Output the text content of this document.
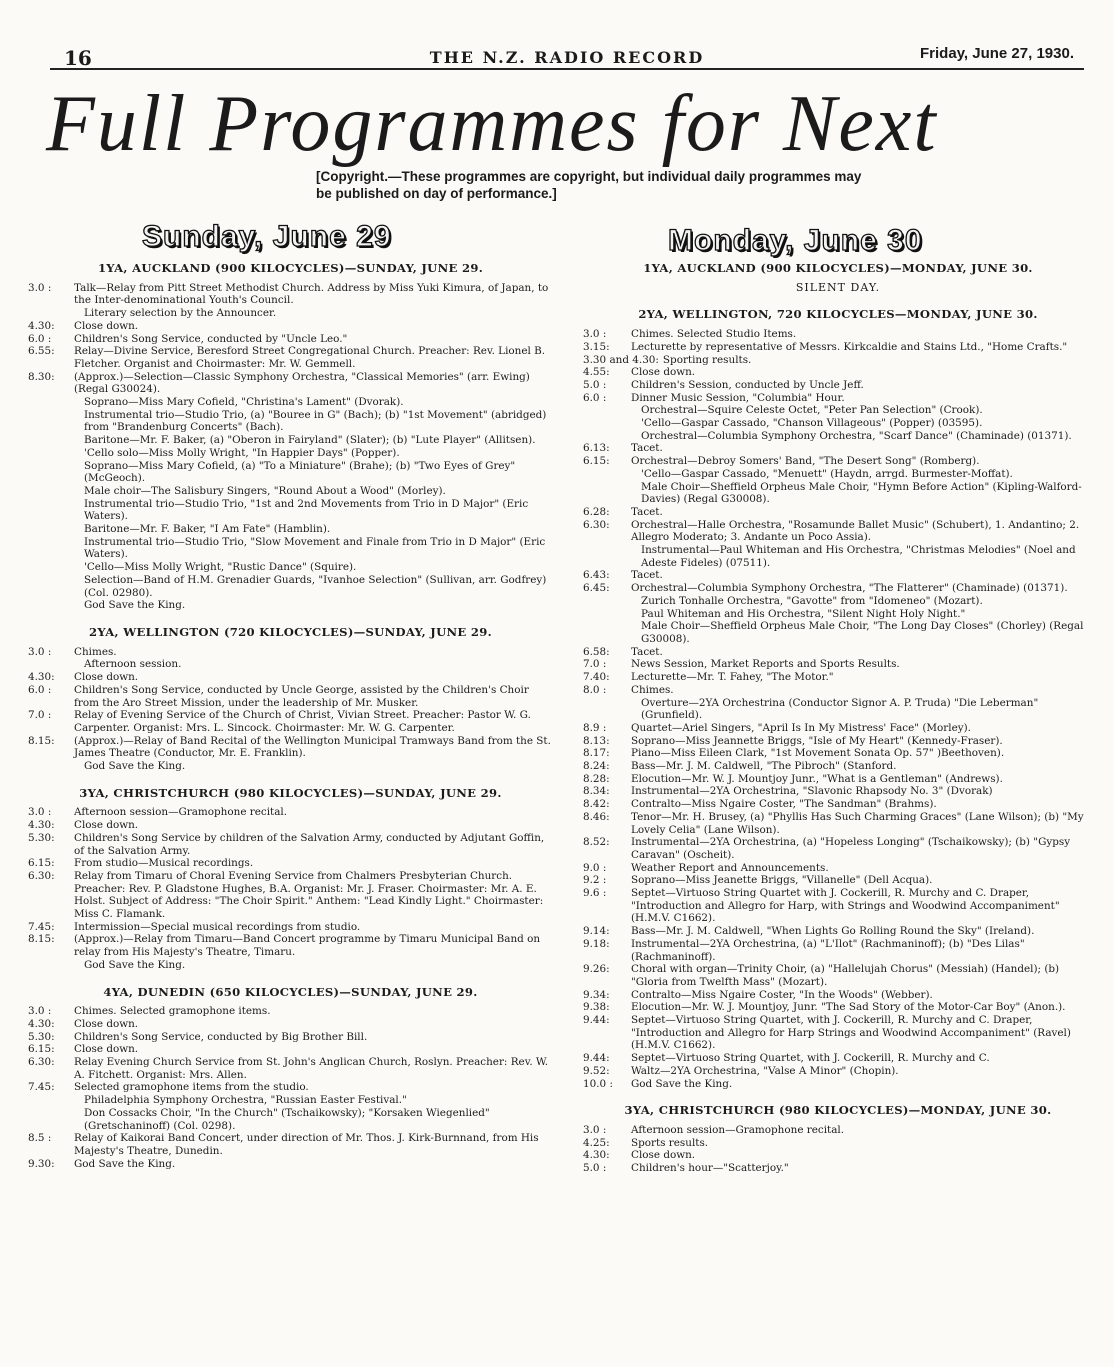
16	THE N.Z. RADIO RECORD	Friday, June 27, 1930.
Full Programmes for Next
[Copyright.—These programmes are copyright, but individual daily programmes may be published on day of performance.]
Sunday, June 29	Monday, June 30
1YA, AUCKLAND (900 KILOCYCLES)—SUNDAY, JUNE 29.
3.0 :	Talk—Relay from Pitt Street Methodist Church. Address by Miss Yuki Kimura, of Japan, to the Inter-denominational Youth's Council.
Literary selection by the Announcer.
4.30:	Close down.
6.0 :	Children's Song Service, conducted by "Uncle Leo."
6.55:	Relay—Divine Service, Beresford Street Congregational Church. Preacher: Rev. Lionel B. Fletcher. Organist and Choirmaster: Mr. W. Gemmell.
8.30:	(Approx.)—Selection—Classic Symphony Orchestra, "Classical Memories" (arr. Ewing) (Regal G30024).
Soprano—Miss Mary Cofield, "Christina's Lament" (Dvorak).
Instrumental trio—Studio Trio, (a) "Bouree in G" (Bach); (b) "1st Movement" (abridged) from "Brandenburg Concerts" (Bach).
Baritone—Mr. F. Baker, (a) "Oberon in Fairyland" (Slater); (b) "Lute Player" (Allitsen).
'Cello solo—Miss Molly Wright, "In Happier Days" (Popper).
Soprano—Miss Mary Cofield, (a) "To a Miniature" (Brahe); (b) "Two Eyes of Grey" (McGeoch).
Male choir—The Salisbury Singers, "Round About a Wood" (Morley).
Instrumental trio—Studio Trio, "1st and 2nd Movements from Trio in D Major" (Eric Waters).
Baritone—Mr. F. Baker, "I Am Fate" (Hamblin).
Instrumental trio—Studio Trio, "Slow Movement and Finale from Trio in D Major" (Eric Waters).
'Cello—Miss Molly Wright, "Rustic Dance" (Squire).
Selection—Band of H.M. Grenadier Guards, "Ivanhoe Selection" (Sullivan, arr. Godfrey) (Col. 02980).
God Save the King.
2YA, WELLINGTON (720 KILOCYCLES)—SUNDAY, JUNE 29.
3.0 :	Chimes.
Afternoon session.
4.30:	Close down.
6.0 :	Children's Song Service, conducted by Uncle George, assisted by the Children's Choir from the Aro Street Mission, under the leadership of Mr. Musker.
7.0 :	Relay of Evening Service of the Church of Christ, Vivian Street. Preacher: Pastor W. G. Carpenter. Organist: Mrs. L. Sincock. Choirmaster: Mr. W. G. Carpenter.
8.15:	(Approx.)—Relay of Band Recital of the Wellington Municipal Tramways Band from the St. James Theatre (Conductor, Mr. E. Franklin).
God Save the King.
3YA, CHRISTCHURCH (980 KILOCYCLES)—SUNDAY, JUNE 29.
3.0 :	Afternoon session—Gramophone recital.
4.30:	Close down.
5.30:	Children's Song Service by children of the Salvation Army, conducted by Adjutant Goffin, of the Salvation Army.
6.15:	From studio—Musical recordings.
6.30:	Relay from Timaru of Choral Evening Service from Chalmers Presbyterian Church. Preacher: Rev. P. Gladstone Hughes, B.A. Organist: Mr. J. Fraser. Choirmaster: Mr. A. E. Holst. Subject of Address: "The Choir Spirit." Anthem: "Lead Kindly Light." Choirmaster: Miss C. Flamank.
7.45:	Intermission—Special musical recordings from studio.
8.15:	(Approx.)—Relay from Timaru—Band Concert programme by Timaru Municipal Band on relay from His Majesty's Theatre, Timaru.
God Save the King.
4YA, DUNEDIN (650 KILOCYCLES)—SUNDAY, JUNE 29.
3.0 :	Chimes. Selected gramophone items.
4.30:	Close down.
5.30:	Children's Song Service, conducted by Big Brother Bill.
6.15:	Close down.
6.30:	Relay Evening Church Service from St. John's Anglican Church, Roslyn. Preacher: Rev. W. A. Fitchett. Organist: Mrs. Allen.
7.45:	Selected gramophone items from the studio.
Philadelphia Symphony Orchestra, "Russian Easter Festival."
Don Cossacks Choir, "In the Church" (Tschaikowsky); "Korsaken Wiegenlied" (Gretschaninoff) (Col. 0298).
8.5 :	Relay of Kaikorai Band Concert, under direction of Mr. Thos. J. Kirk-Burnnand, from His Majesty's Theatre, Dunedin.
9.30:	God Save the King.
1YA, AUCKLAND (900 KILOCYCLES)—MONDAY, JUNE 30.
SILENT DAY.
2YA, WELLINGTON, 720 KILOCYCLES—MONDAY, JUNE 30.
3.0 :	Chimes. Selected Studio Items.
3.15:	Lecturette by representative of Messrs. Kirkcaldie and Stains Ltd., "Home Crafts."
3.30 and 4.30: Sporting results.
4.55:	Close down.
5.0 :	Children's Session, conducted by Uncle Jeff.
6.0 :	Dinner Music Session, "Columbia" Hour.
Orchestral—Squire Celeste Octet, "Peter Pan Selection" (Crook).
'Cello—Gaspar Cassado, "Chanson Villageous" (Popper) (03595).
Orchestral—Columbia Symphony Orchestra, "Scarf Dance" (Chaminade) (01371).
6.13:	Tacet.
6.15:	Orchestral—Debroy Somers' Band, "The Desert Song" (Romberg).
'Cello—Gaspar Cassado, "Menuett" (Haydn, arrgd. Burmester-Moffat).
Male Choir—Sheffield Orpheus Male Choir, "Hymn Before Action" (Kipling-Walford-Davies) (Regal G30008).
6.28:	Tacet.
6.30:	Orchestral—Halle Orchestra, "Rosamunde Ballet Music" (Schubert), 1. Andantino; 2. Allegro Moderato; 3. Andante un Poco Assia).
Instrumental—Paul Whiteman and His Orchestra, "Christmas Melodies" (Noel and Adeste Fideles) (07511).
6.43:	Tacet.
6.45:	Orchestral—Columbia Symphony Orchestra, "The Flatterer" (Chaminade) (01371).
Zurich Tonhalle Orchestra, "Gavotte" from "Idomeneo" (Mozart).
Paul Whiteman and His Orchestra, "Silent Night Holy Night."
Male Choir—Sheffield Orpheus Male Choir, "The Long Day Closes" (Chorley) (Regal G30008).
6.58:	Tacet.
7.0 :	News Session, Market Reports and Sports Results.
7.40:	Lecturette—Mr. T. Fahey, "The Motor."
8.0 :	Chimes.
Overture—2YA Orchestrina (Conductor Signor A. P. Truda) "Die Leberman" (Grunfield).
8.9 :	Quartet—Ariel Singers, "April Is In My Mistress' Face" (Morley).
8.13:	Soprano—Miss Jeannette Briggs, "Isle of My Heart" (Kennedy-Fraser).
8.17:	Piano—Miss Eileen Clark, "1st Movement Sonata Op. 57" )Beethoven).
8.24:	Bass—Mr. J. M. Caldwell, "The Pibroch" (Stanford.
8.28:	Elocution—Mr. W. J. Mountjoy Junr., "What is a Gentleman" (Andrews).
8.34:	Instrumental—2YA Orchestrina, "Slavonic Rhapsody No. 3" (Dvorak)
8.42:	Contralto—Miss Ngaire Coster, "The Sandman" (Brahms).
8.46:	Tenor—Mr. H. Brusey, (a) "Phyllis Has Such Charming Graces" (Lane Wilson); (b) "My Lovely Celia" (Lane Wilson).
8.52:	Instrumental—2YA Orchestrina, (a) "Hopeless Longing" (Tschaikowsky); (b) "Gypsy Caravan" (Oscheit).
9.0 :	Weather Report and Announcements.
9.2 :	Soprano—Miss Jeanette Briggs, "Villanelle" (Dell Acqua).
9.6 :	Septet—Virtuoso String Quartet with J. Cockerill, R. Murchy and C. Draper, "Introduction and Allegro for Harp, with Strings and Woodwind Accompaniment" (H.M.V. C1662).
9.14:	Bass—Mr. J. M. Caldwell, "When Lights Go Rolling Round the Sky" (Ireland).
9.18:	Instrumental—2YA Orchestrina, (a) "L'Ilot" (Rachmaninoff); (b) "Des Lilas" (Rachmaninoff).
9.26:	Choral with organ—Trinity Choir, (a) "Hallelujah Chorus" (Messiah) (Handel); (b) "Gloria from Twelfth Mass" (Mozart).
9.34:	Contralto—Miss Ngaire Coster, "In the Woods" (Webber).
9.38:	Elocution—Mr. W. J. Mountjoy, Junr. "The Sad Story of the Motor-Car Boy" (Anon.).
9.44:	Septet—Virtuoso String Quartet, with J. Cockerill, R. Murchy and C. Draper, "Introduction and Allegro for Harp Strings and Woodwind Accompaniment" (Ravel) (H.M.V. C1662).
9.44:	Septet—Virtuoso String Quartet, with J. Cockerill, R. Murchy and C.
9.52:	Waltz—2YA Orchestrina, "Valse A Minor" (Chopin).
10.0 :	God Save the King.
3YA, CHRISTCHURCH (980 KILOCYCLES)—MONDAY, JUNE 30.
3.0 :	Afternoon session—Gramophone recital.
4.25:	Sports results.
4.30:	Close down.
5.0 :	Children's hour—"Scatterjoy."
